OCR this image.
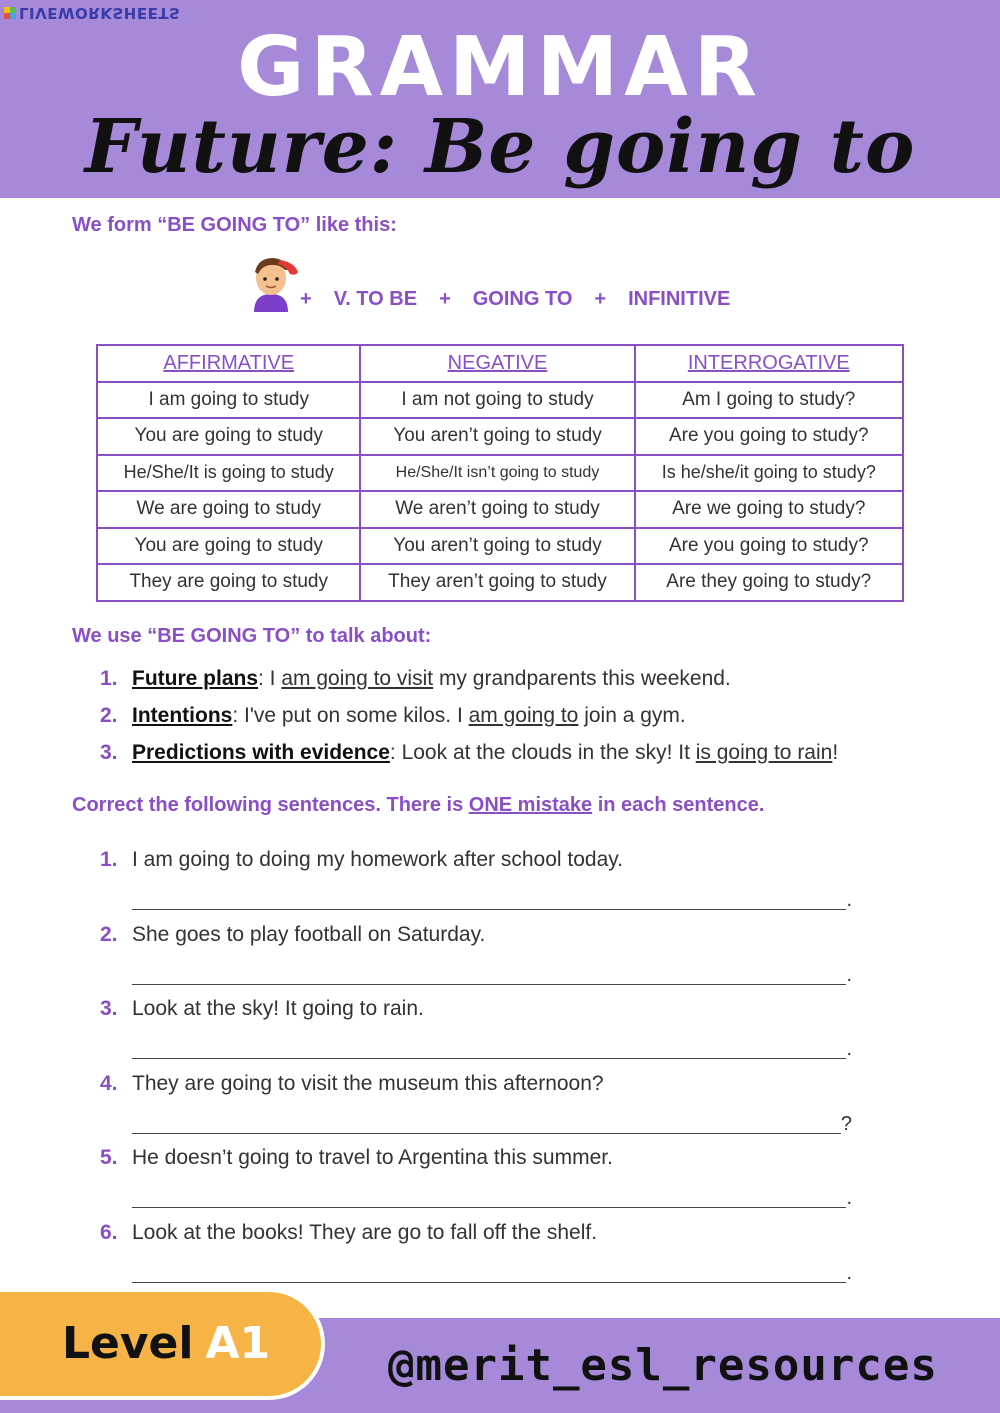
LIVEWORKSHEETS
GRAMMAR
Future: Be going to
We form “BE GOING TO” like this:
+ V. TO BE + GOING TO + INFINITIVE
AFFIRMATIVE	NEGATIVE	INTERROGATIVE
I am going to study	I am not going to study	Am I going to study?
You are going to study	You aren’t going to study	Are you going to study?
He/She/It is going to study	He/She/It isn’t going to study	Is he/she/it going to study?
We are going to study	We aren’t going to study	Are we going to study?
You are going to study	You aren’t going to study	Are you going to study?
They are going to study	They aren’t going to study	Are they going to study?
We use “BE GOING TO” to talk about:
1. Future plans: I am going to visit my grandparents this weekend.
2. Intentions: I've put on some kilos. I am going to join a gym.
3. Predictions with evidence: Look at the clouds in the sky! It is going to rain!
Correct the following sentences. There is ONE mistake in each sentence.
1. I am going to doing my homework after school today.
.
2. She goes to play football on Saturday.
.
3. Look at the sky! It going to rain.
.
4. They are going to visit the museum this afternoon?
?
5. He doesn’t going to travel to Argentina this summer.
.
6. Look at the books! They are go to fall off the shelf.
.
@merit_esl_resources
Level A1
